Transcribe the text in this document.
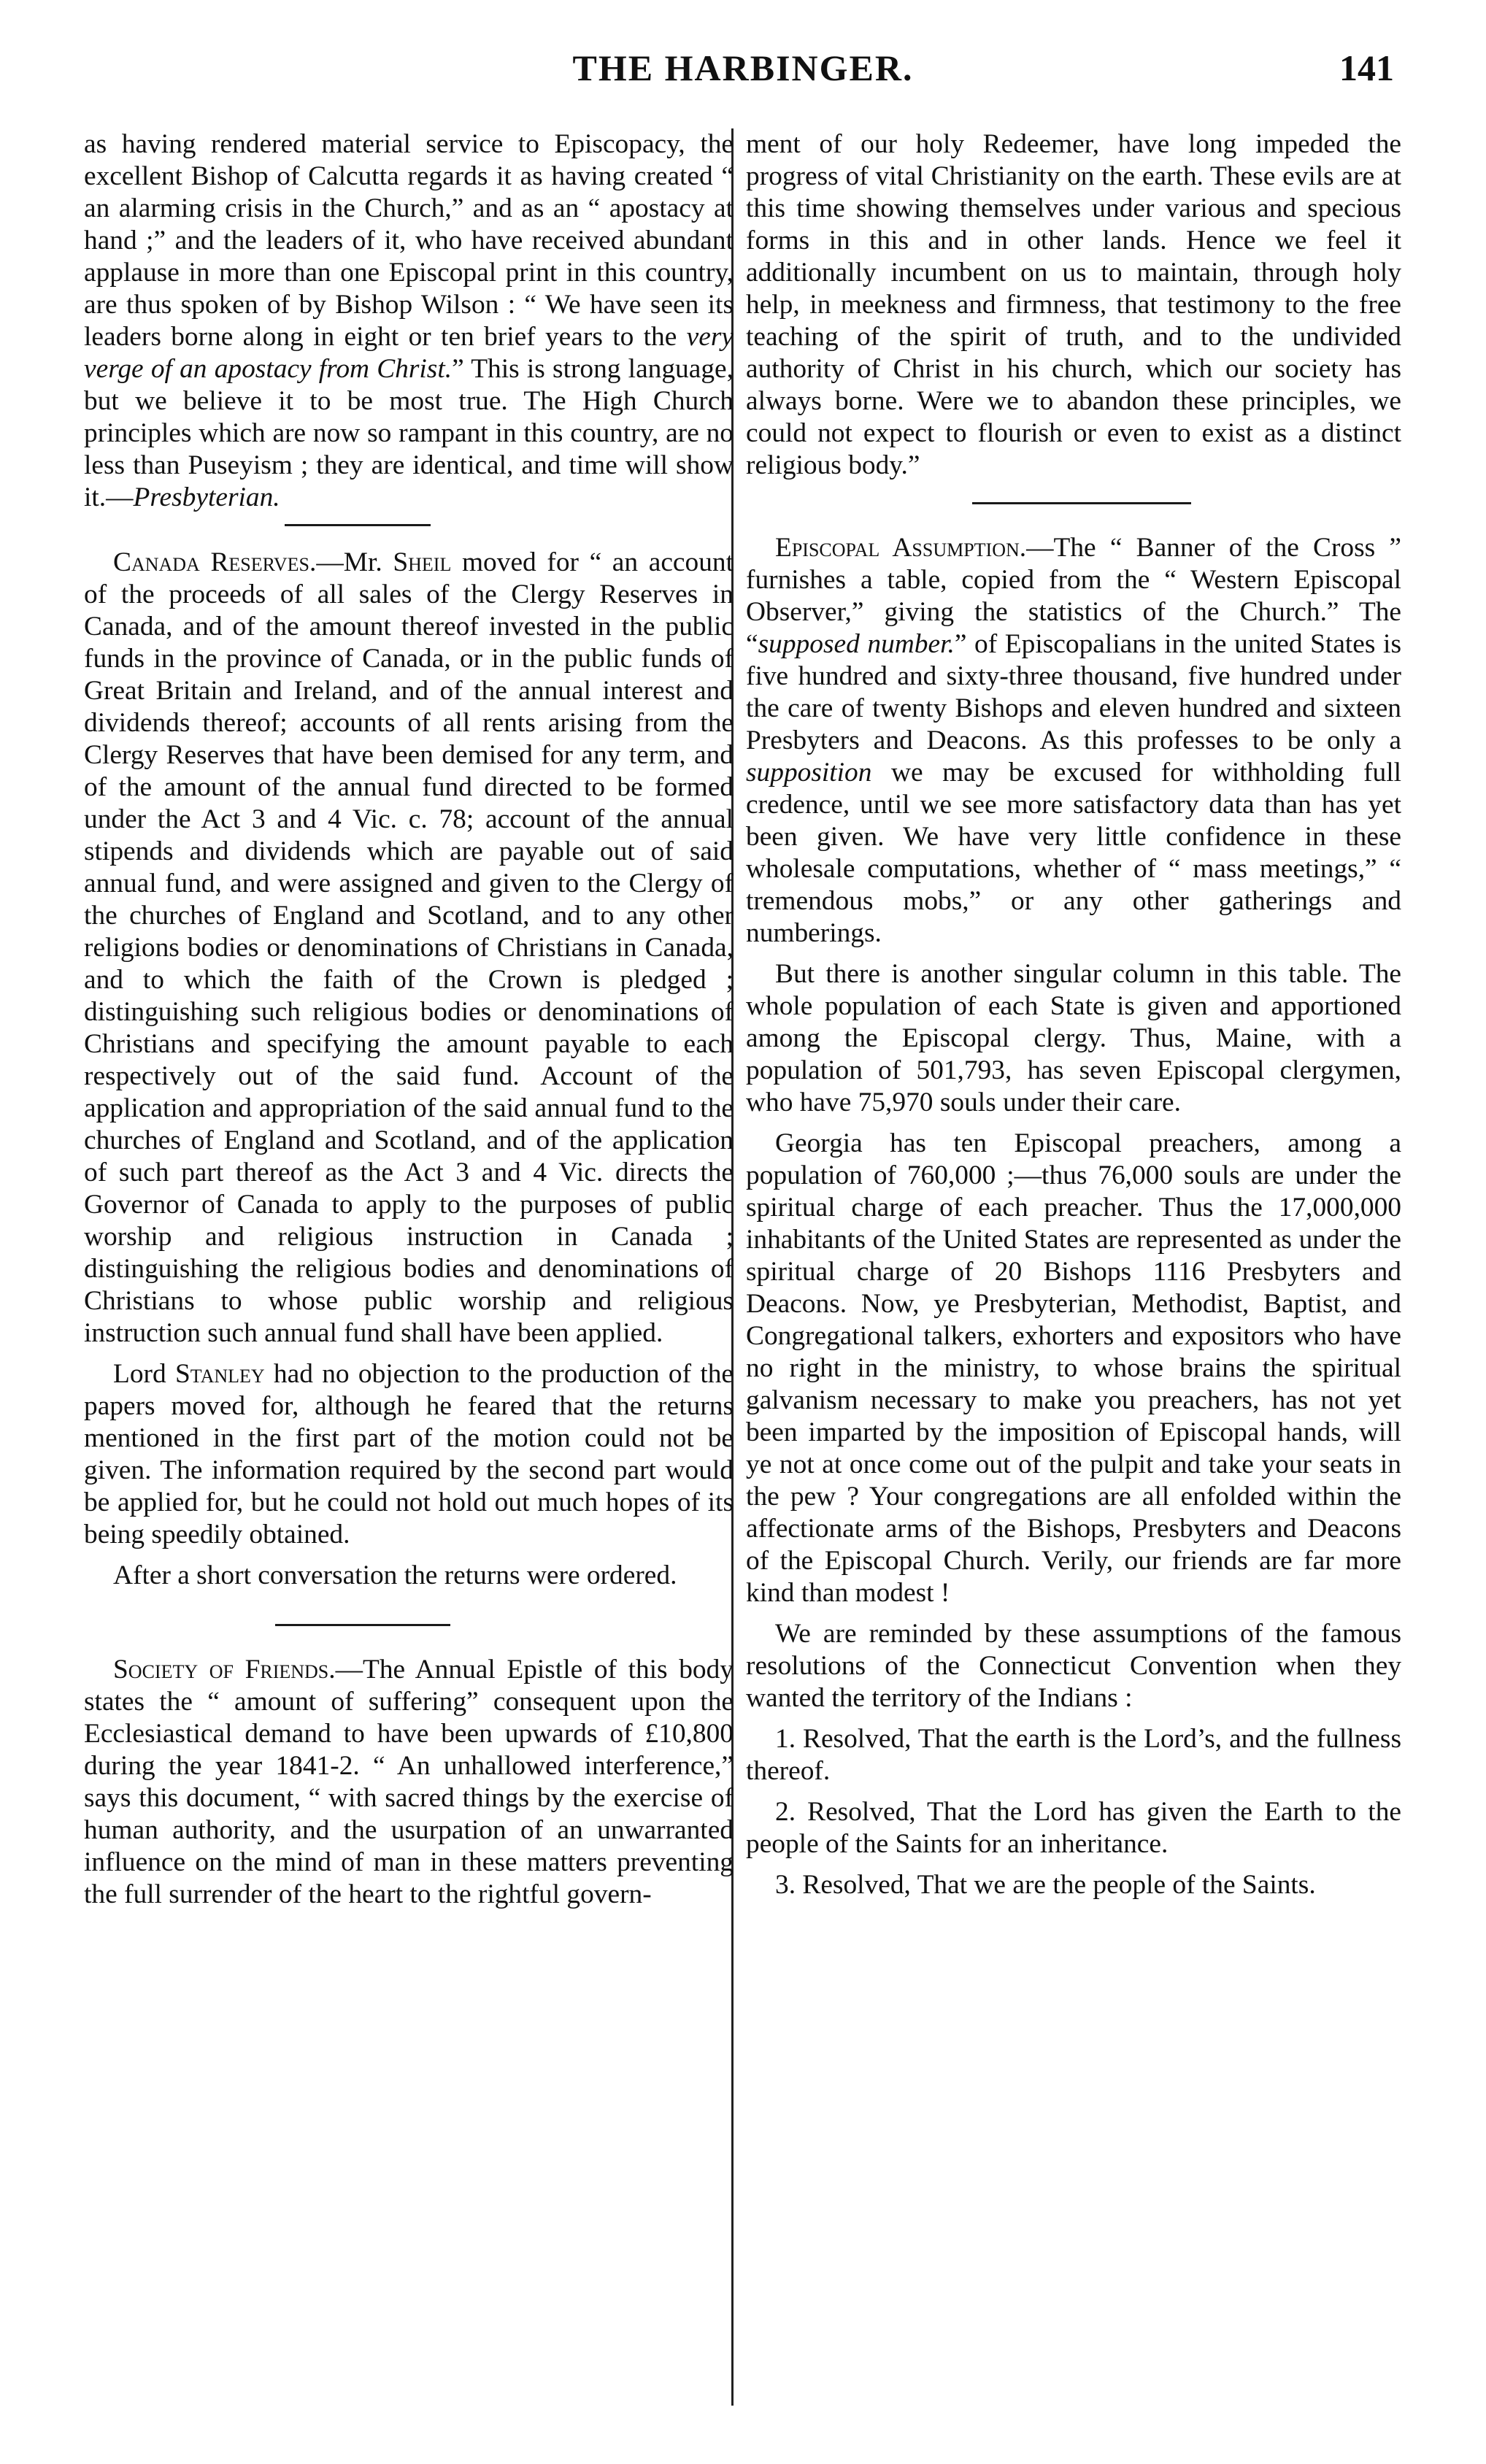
THE HARBINGER.	141

as having rendered material service to Episcopacy, the excellent Bishop of Calcutta regards it as having created “ an alarming crisis in the Church,” and as an “ apostacy at hand ;” and the leaders of it, who have received abundant applause in more than one Episcopal print in this country, are thus spoken of by Bishop Wilson : “ We have seen its leaders borne along in eight or ten brief years to the very verge of an apostacy from Christ.” This is strong language, but we believe it to be most true. The High Church principles which are now so rampant in this country, are no less than Puseyism ; they are identical, and time will show it.—Presbyterian.

Canada Reserves.—Mr. Sheil moved for “ an account of the proceeds of all sales of the Clergy Reserves in Canada, and of the amount thereof invested in the public funds in the province of Canada, or in the public funds of Great Britain and Ireland, and of the annual interest and dividends thereof; accounts of all rents arising from the Clergy Reserves that have been demised for any term, and of the amount of the annual fund directed to be formed under the Act 3 and 4 Vic. c. 78; account of the annual stipends and dividends which are payable out of said annual fund, and were assigned and given to the Clergy of the churches of England and Scotland, and to any other religions bodies or denominations of Christians in Canada, and to which the faith of the Crown is pledged ; distinguishing such religious bodies or denominations of Christians and specifying the amount payable to each respectively out of the said fund. Account of the application and appropriation of the said annual fund to the churches of England and Scotland, and of the application of such part thereof as the Act 3 and 4 Vic. directs the Governor of Canada to apply to the purposes of public worship and religious instruction in Canada ; distinguishing the religious bodies and denominations of Christians to whose public worship and religious instruction such annual fund shall have been applied.

Lord Stanley had no objection to the production of the papers moved for, although he feared that the returns mentioned in the first part of the motion could not be given. The information required by the second part would be applied for, but he could not hold out much hopes of its being speedily obtained.

After a short conversation the returns were ordered.

Society of Friends.—The Annual Epistle of this body states the “ amount of suffering” consequent upon the Ecclesiastical demand to have been upwards of £10,800 during the year 1841-2. “ An unhallowed interference,” says this document, “ with sacred things by the exercise of human authority, and the usurpation of an unwarranted influence on the mind of man in these matters preventing the full surrender of the heart to the rightful govern-

ment of our holy Redeemer, have long impeded the progress of vital Christianity on the earth. These evils are at this time showing themselves under various and specious forms in this and in other lands. Hence we feel it additionally incumbent on us to maintain, through holy help, in meekness and firmness, that testimony to the free teaching of the spirit of truth, and to the undivided authority of Christ in his church, which our society has always borne. Were we to abandon these principles, we could not expect to flourish or even to exist as a distinct religious body.”

Episcopal Assumption.—The “ Banner of the Cross ” furnishes a table, copied from the “ Western Episcopal Observer,” giving the statistics of the Church.” The “supposed number.” of Episcopalians in the united States is five hundred and sixty-three thousand, five hundred under the care of twenty Bishops and eleven hundred and sixteen Presbyters and Deacons. As this professes to be only a supposition we may be excused for withholding full credence, until we see more satisfactory data than has yet been given. We have very little confidence in these wholesale computations, whether of “ mass meetings,” “ tremendous mobs,” or any other gatherings and numberings.

But there is another singular column in this table. The whole population of each State is given and apportioned among the Episcopal clergy. Thus, Maine, with a population of 501,793, has seven Episcopal clergymen, who have 75,970 souls under their care.

Georgia has ten Episcopal preachers, among a population of 760,000 ;—thus 76,000 souls are under the spiritual charge of each preacher. Thus the 17,000,000 inhabitants of the United States are represented as under the spiritual charge of 20 Bishops 1116 Presbyters and Deacons. Now, ye Presbyterian, Methodist, Baptist, and Congregational talkers, exhorters and expositors who have no right in the ministry, to whose brains the spiritual galvanism necessary to make you preachers, has not yet been imparted by the imposition of Episcopal hands, will ye not at once come out of the pulpit and take your seats in the pew ? Your congregations are all enfolded within the affectionate arms of the Bishops, Presbyters and Deacons of the Episcopal Church. Verily, our friends are far more kind than modest !

We are reminded by these assumptions of the famous resolutions of the Connecticut Convention when they wanted the territory of the Indians :

1. Resolved, That the earth is the Lord’s, and the fullness thereof.

2. Resolved, That the Lord has given the Earth to the people of the Saints for an inheritance.

3. Resolved, That we are the people of the Saints.
